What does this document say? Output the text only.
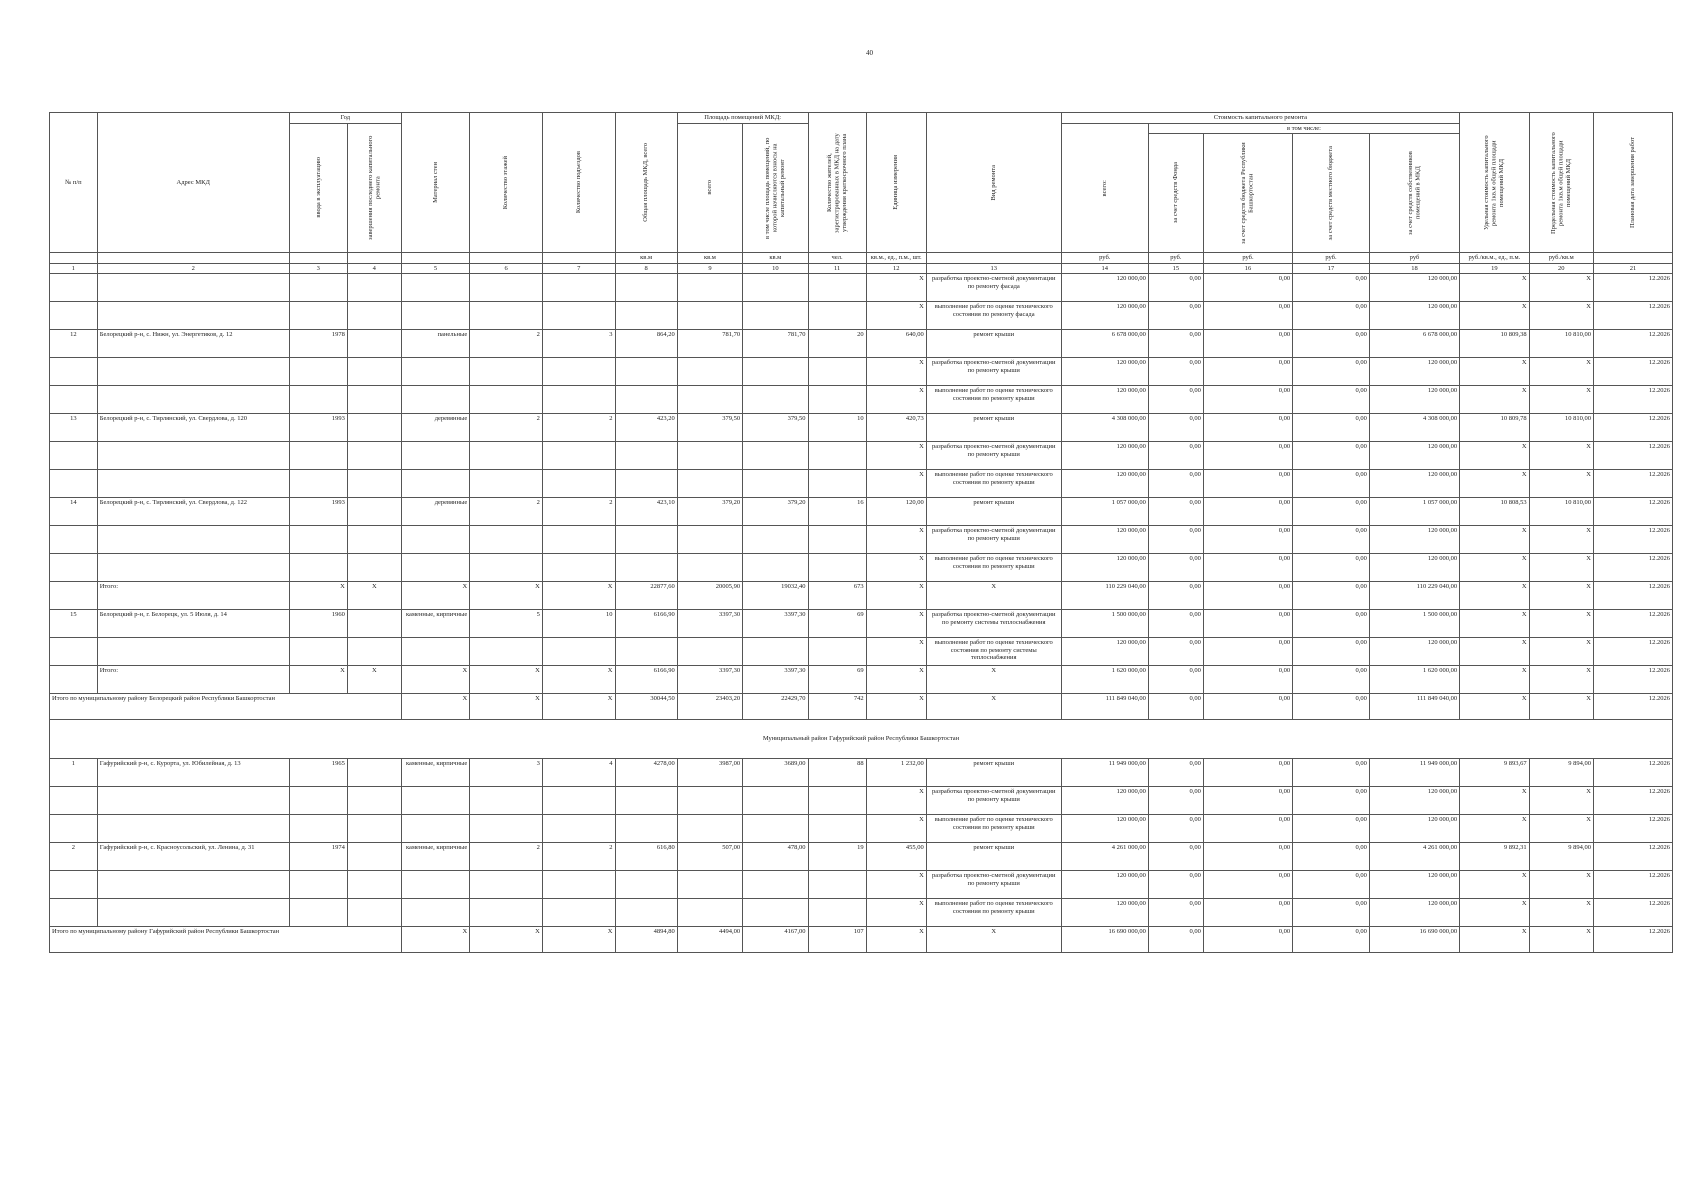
40
№ п/п	Адрес МКД	Год		Материал стен	Количество этажей	Количество подъездов	Общая площадь МКД, всего	Площадь помещений МКД:		Количество жителей, зарегистрированных в МКД на дату утверждения краткосрочного плана	Единица измерения	Вид ремонта	Стоимость капитального ремонта					Удельная стоимость капитального ремонта 1кв.м общей площади помещений МКД	Предельная стоимость капитального ремонта 1кв.м общей площади помещений МКД	Плановая дата завершения работ

		ввода в эксплуатацию	завершения последнего капитального ремонта					всего	в том числе площадь помещений, по которой начисляются взносы на капитальный ремонт				всего:	в том числе:						

														за счет средств Фонда	за счет средств бюджета Республики Башкортостан	за счет средств местного бюджета	за счет средств собственников помещений в МКД			

							кв.м	кв.м	кв.м	чел.	кв.м., ед., п.м., шт.		руб.	руб.	руб.	руб.	руб	руб./кв.м., ед., п.м.	руб./кв.м	
1	2	3	4	5	6	7	8	9	10	11	12	13	14	15	16	17	18	19	20	21
											X	разработка проектно-сметной документации по ремонту фасада	120 000,00	0,00	0,00	0,00	120 000,00	X	X	12.2026
											X	выполнение работ по оценке технического состояния по ремонту фасада	120 000,00	0,00	0,00	0,00	120 000,00	X	X	12.2026
12	Белорецкий р-н, с. Нижн, ул. Энергетиков, д. 12	1978		панельные	2	3	864,20	781,70	781,70	20	640,00	ремонт крыши	6 678 000,00	0,00	0,00	0,00	6 678 000,00	10 809,38	10 810,00	12.2026
											X	разработка проектно-сметной документации по ремонту крыши	120 000,00	0,00	0,00	0,00	120 000,00	X	X	12.2026
											X	выполнение работ по оценке технического состояния по ремонту крыши	120 000,00	0,00	0,00	0,00	120 000,00	X	X	12.2026
13	Белорецкий р-н, с. Тирлянский, ул. Свердлова, д. 120	1993		деревянные	2	2	423,20	379,50	379,50	10	420,73	ремонт крыши	4 308 000,00	0,00	0,00	0,00	4 308 000,00	10 809,78	10 810,00	12.2026
											X	разработка проектно-сметной документации по ремонту крыши	120 000,00	0,00	0,00	0,00	120 000,00	X	X	12.2026
											X	выполнение работ по оценке технического состояния по ремонту крыши	120 000,00	0,00	0,00	0,00	120 000,00	X	X	12.2026
14	Белорецкий р-н, с. Тирлянский, ул. Свердлова, д. 122	1993		деревянные	2	2	423,10	379,20	379,20	16	120,00	ремонт крыши	1 057 000,00	0,00	0,00	0,00	1 057 000,00	10 808,53	10 810,00	12.2026
											X	разработка проектно-сметной документации по ремонту крыши	120 000,00	0,00	0,00	0,00	120 000,00	X	X	12.2026
											X	выполнение работ по оценке технического состояния по ремонту крыши	120 000,00	0,00	0,00	0,00	120 000,00	X	X	12.2026
	Итого:	X	X	X	X	X	22877,60	20005,90	19032,40	673	X	X	110 229 040,00	0,00	0,00	0,00	110 229 040,00	X	X	12.2026
15	Белорецкий р-н, г. Белорецк, ул. 5 Июля, д. 14	1960		каменные, кирпичные	5	10	6166,90	3397,30	3397,30	69	X	разработка проектно-сметной документации по ремонту системы теплоснабжения	1 500 000,00	0,00	0,00	0,00	1 500 000,00	X	X	12.2026
											X	выполнение работ по оценке технического состояния по ремонту системы теплоснабжения	120 000,00	0,00	0,00	0,00	120 000,00	X	X	12.2026
	Итого:	X	X	X	X	X	6166,90	3397,30	3397,30	69	X	X	1 620 000,00	0,00	0,00	0,00	1 620 000,00	X	X	12.2026
Итого по муниципальному району Белорецкий район Республики Башкортостан				X	X	X	30044,50	23403,20	22429,70	742	X	X	111 849 040,00	0,00	0,00	0,00	111 849 040,00	X	X	12.2026
Муниципальный район Гафурийский район Республики Башкортостан																				
1	Гафурийский р-н, с. Курорта, ул. Юбилейная, д. 13	1965		каменные, кирпичные	3	4	4278,00	3987,00	3689,00	88	1 232,00	ремонт крыши	11 949 000,00	0,00	0,00	0,00	11 949 000,00	9 893,67	9 894,00	12.2026
											X	разработка проектно-сметной документации по ремонту крыши	120 000,00	0,00	0,00	0,00	120 000,00	X	X	12.2026
											X	выполнение работ по оценке технического состояния по ремонту крыши	120 000,00	0,00	0,00	0,00	120 000,00	X	X	12.2026
2	Гафурийский р-н, с. Красноусольский, ул. Ленина, д. 31	1974		каменные, кирпичные	2	2	616,80	507,00	478,00	19	455,00	ремонт крыши	4 261 000,00	0,00	0,00	0,00	4 261 000,00	9 892,31	9 894,00	12.2026
											X	разработка проектно-сметной документации по ремонту крыши	120 000,00	0,00	0,00	0,00	120 000,00	X	X	12.2026
											X	выполнение работ по оценке технического состояния по ремонту крыши	120 000,00	0,00	0,00	0,00	120 000,00	X	X	12.2026
Итого по муниципальному району Гафурийский район Республики Башкортостан				X	X	X	4894,80	4494,00	4167,00	107	X	X	16 690 000,00	0,00	0,00	0,00	16 690 000,00	X	X	12.2026
